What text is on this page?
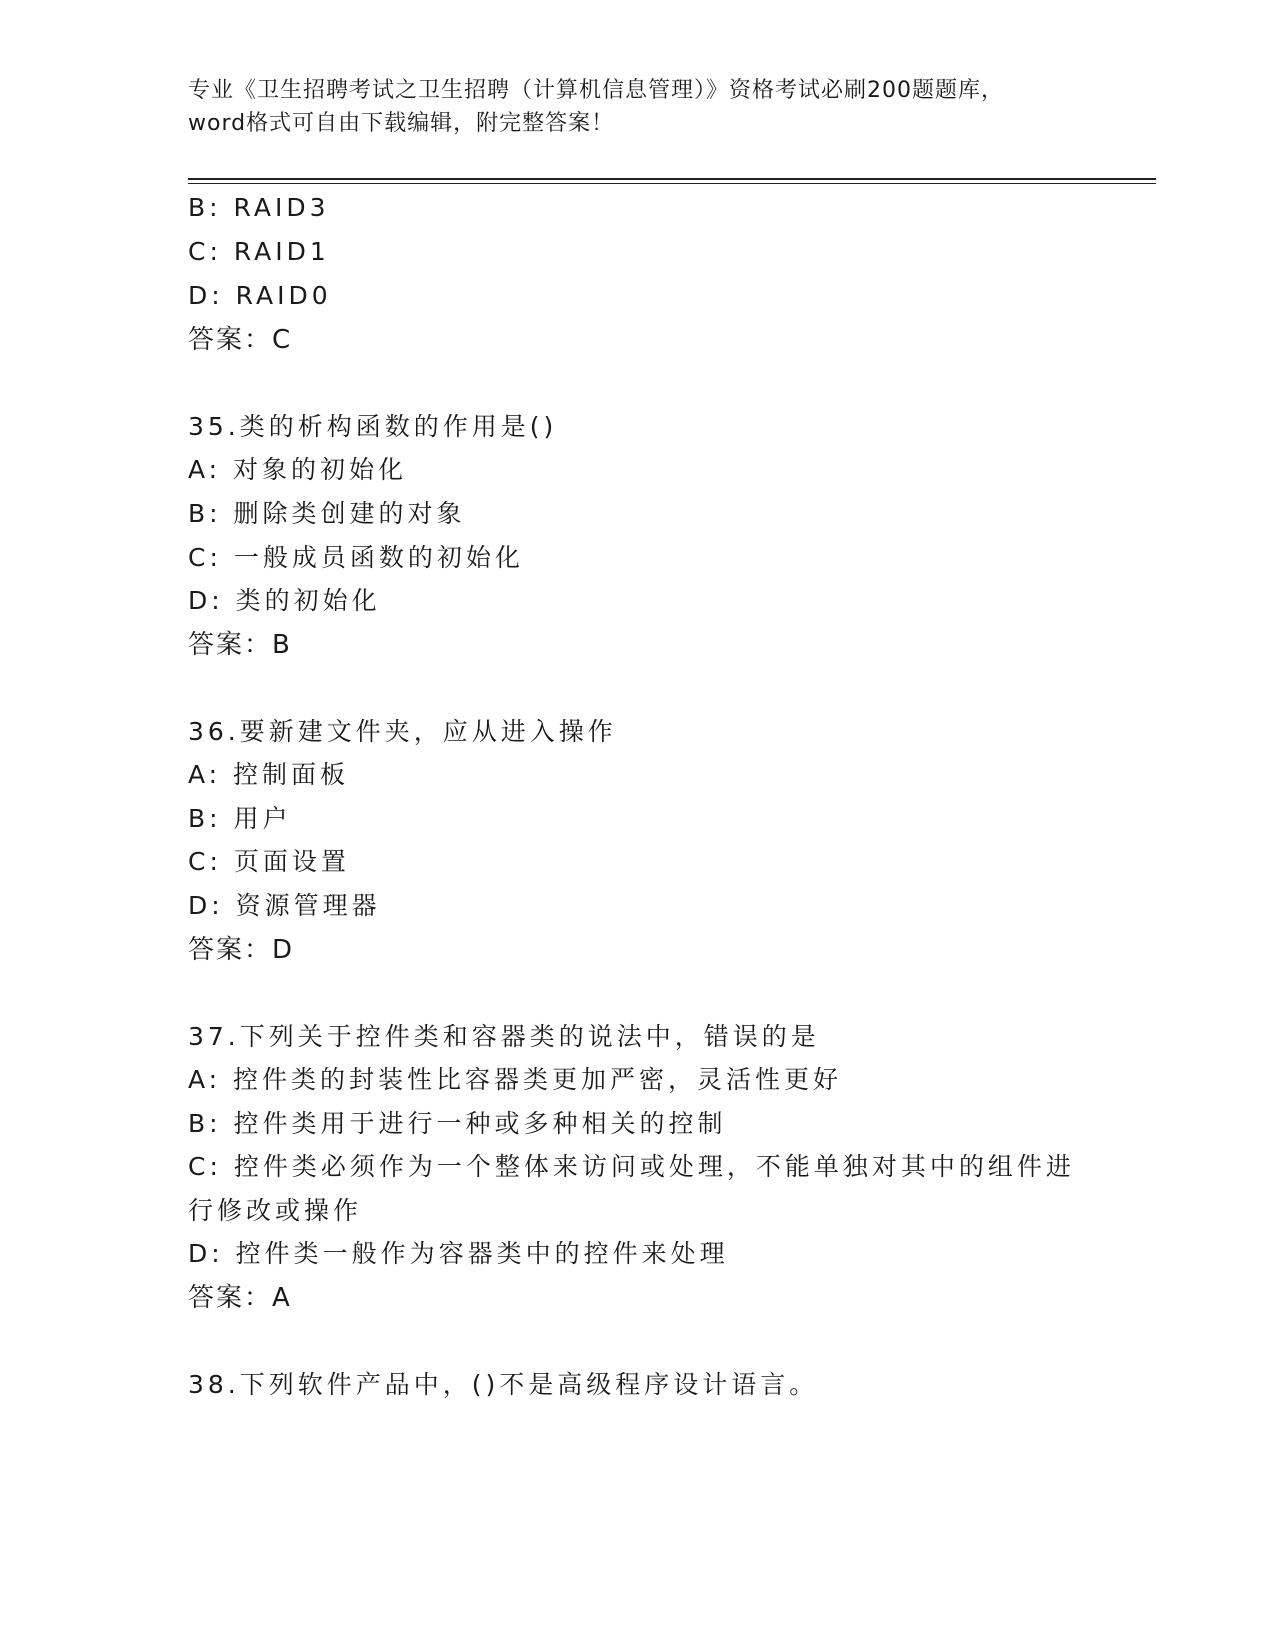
专业《卫生招聘考试之卫生招聘（计算机信息管理）》资格考试必刷200题题库，
word格式可自由下载编辑，附完整答案！
B: RAID3
C: RAID1
D: RAID0
答案：C
35.类的析构函数的作用是()
A: 对象的初始化
B: 删除类创建的对象
C: 一般成员函数的初始化
D: 类的初始化
答案：B
36.要新建文件夹，应从进入操作
A: 控制面板
B: 用户
C: 页面设置
D: 资源管理器
答案：D
37.下列关于控件类和容器类的说法中，错误的是
A: 控件类的封装性比容器类更加严密，灵活性更好
B: 控件类用于进行一种或多种相关的控制
C: 控件类必须作为一个整体来访问或处理，不能单独对其中的组件进
行修改或操作
D: 控件类一般作为容器类中的控件来处理
答案：A
38.下列软件产品中，()不是高级程序设计语言。
